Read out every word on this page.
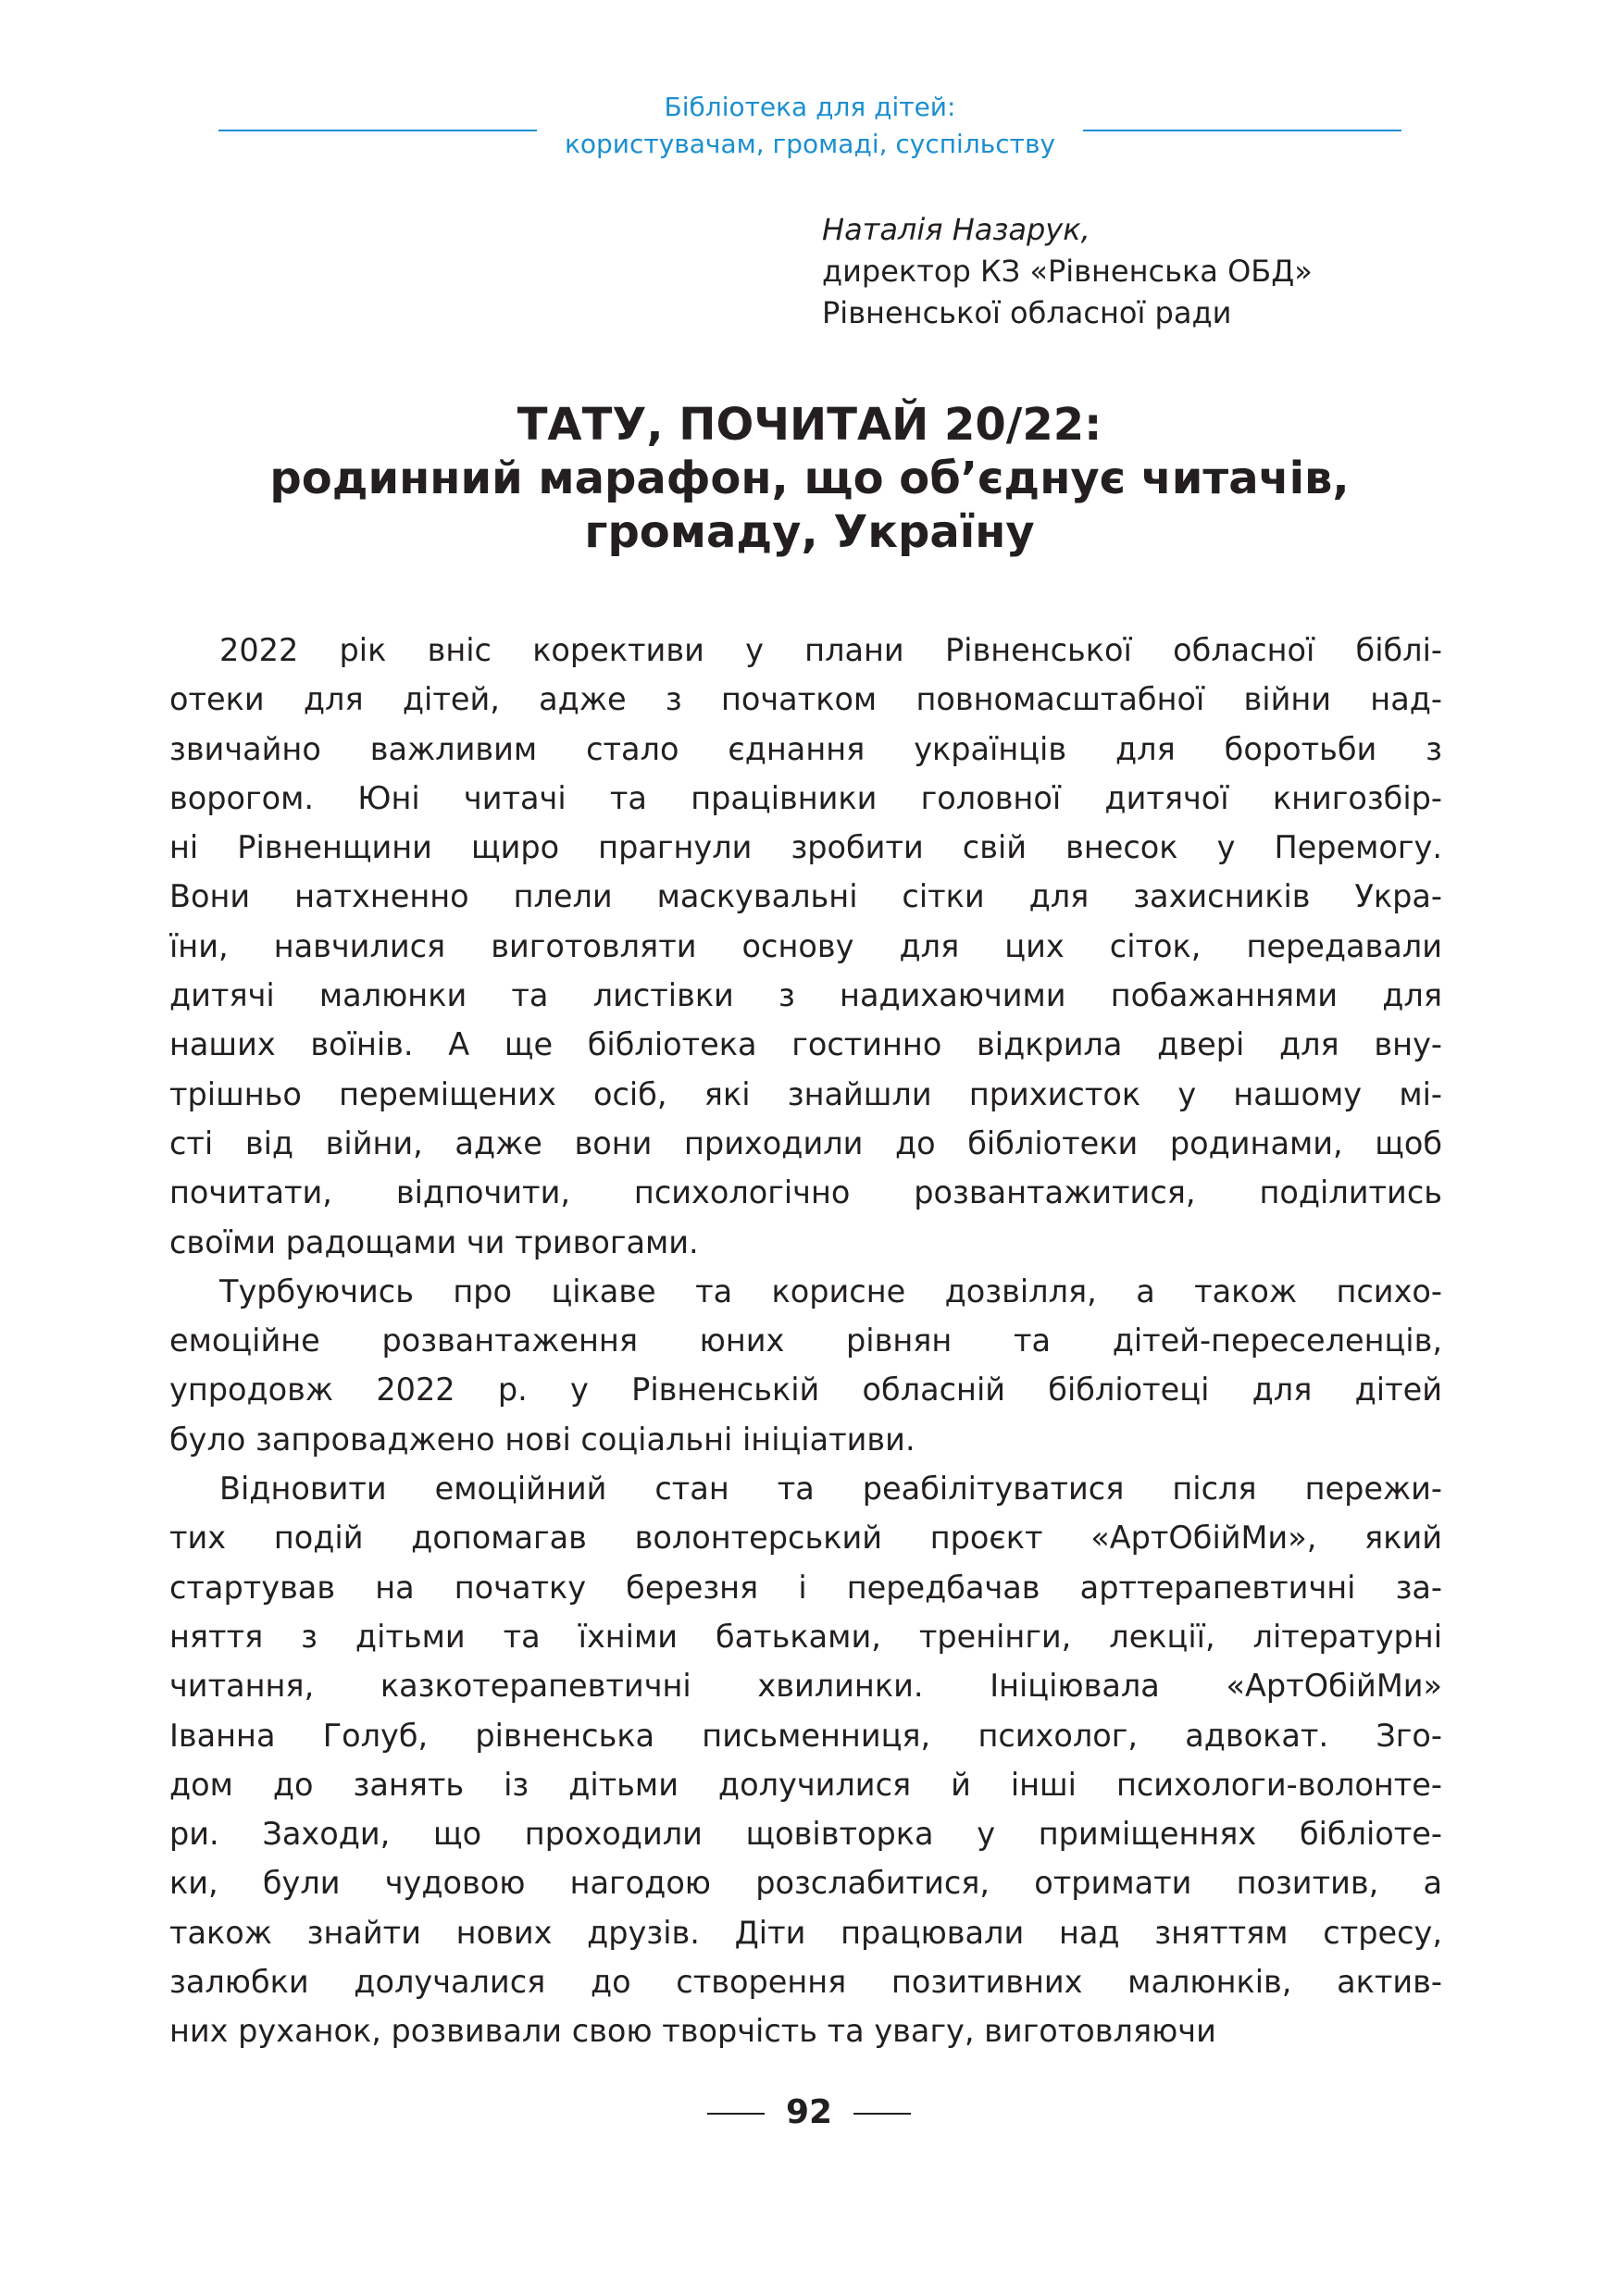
Бібліотека для дітей:
користувачам, громаді, суспільству
Наталія Назарук,
директор КЗ «Рівненська ОБД»
Рівненської обласної ради
ТАТУ, ПОЧИТАЙ 20/22:
родинний марафон, що об’єднує читачів,
громаду, Україну
2022 рік вніс корективи у плани Рівненської обласної біблі-
отеки для дітей, адже з початком повномасштабної війни над-
звичайно важливим стало єднання українців для боротьби з
ворогом. Юні читачі та працівники головної дитячої книгозбір-
ні Рівненщини щиро прагнули зробити свій внесок у Перемогу.
Вони натхненно плели маскувальні сітки для захисників Укра-
їни, навчилися виготовляти основу для цих сіток, передавали
дитячі малюнки та листівки з надихаючими побажаннями для
наших воїнів. А ще бібліотека гостинно відкрила двері для вну-
трішньо переміщених осіб, які знайшли прихисток у нашому мі-
сті від війни, адже вони приходили до бібліотеки родинами, щоб
почитати, відпочити, психологічно розвантажитися, поділитись
своїми радощами чи тривогами.
Турбуючись про цікаве та корисне дозвілля, а також психо-
емоційне розвантаження юних рівнян та дітей-переселенців,
упродовж 2022 р. у Рівненській обласній бібліотеці для дітей
було запроваджено нові соціальні ініціативи.
Відновити емоційний стан та реабілітуватися після пережи-
тих подій допомагав волонтерський проєкт «АртОбійМи», який
стартував на початку березня і передбачав арттерапевтичні за-
няття з дітьми та їхніми батьками, тренінги, лекції, літературні
читання, казкотерапевтичні хвилинки. Ініціювала «АртОбійМи»
Іванна Голуб, рівненська письменниця, психолог, адвокат. Зго-
дом до занять із дітьми долучилися й інші психологи-волонте-
ри. Заходи, що проходили щовівторка у приміщеннях бібліоте-
ки, були чудовою нагодою розслабитися, отримати позитив, а
також знайти нових друзів. Діти працювали над зняттям стресу,
залюбки долучалися до створення позитивних малюнків, актив-
них руханок, розвивали свою творчість та увагу, виготовляючи
92
